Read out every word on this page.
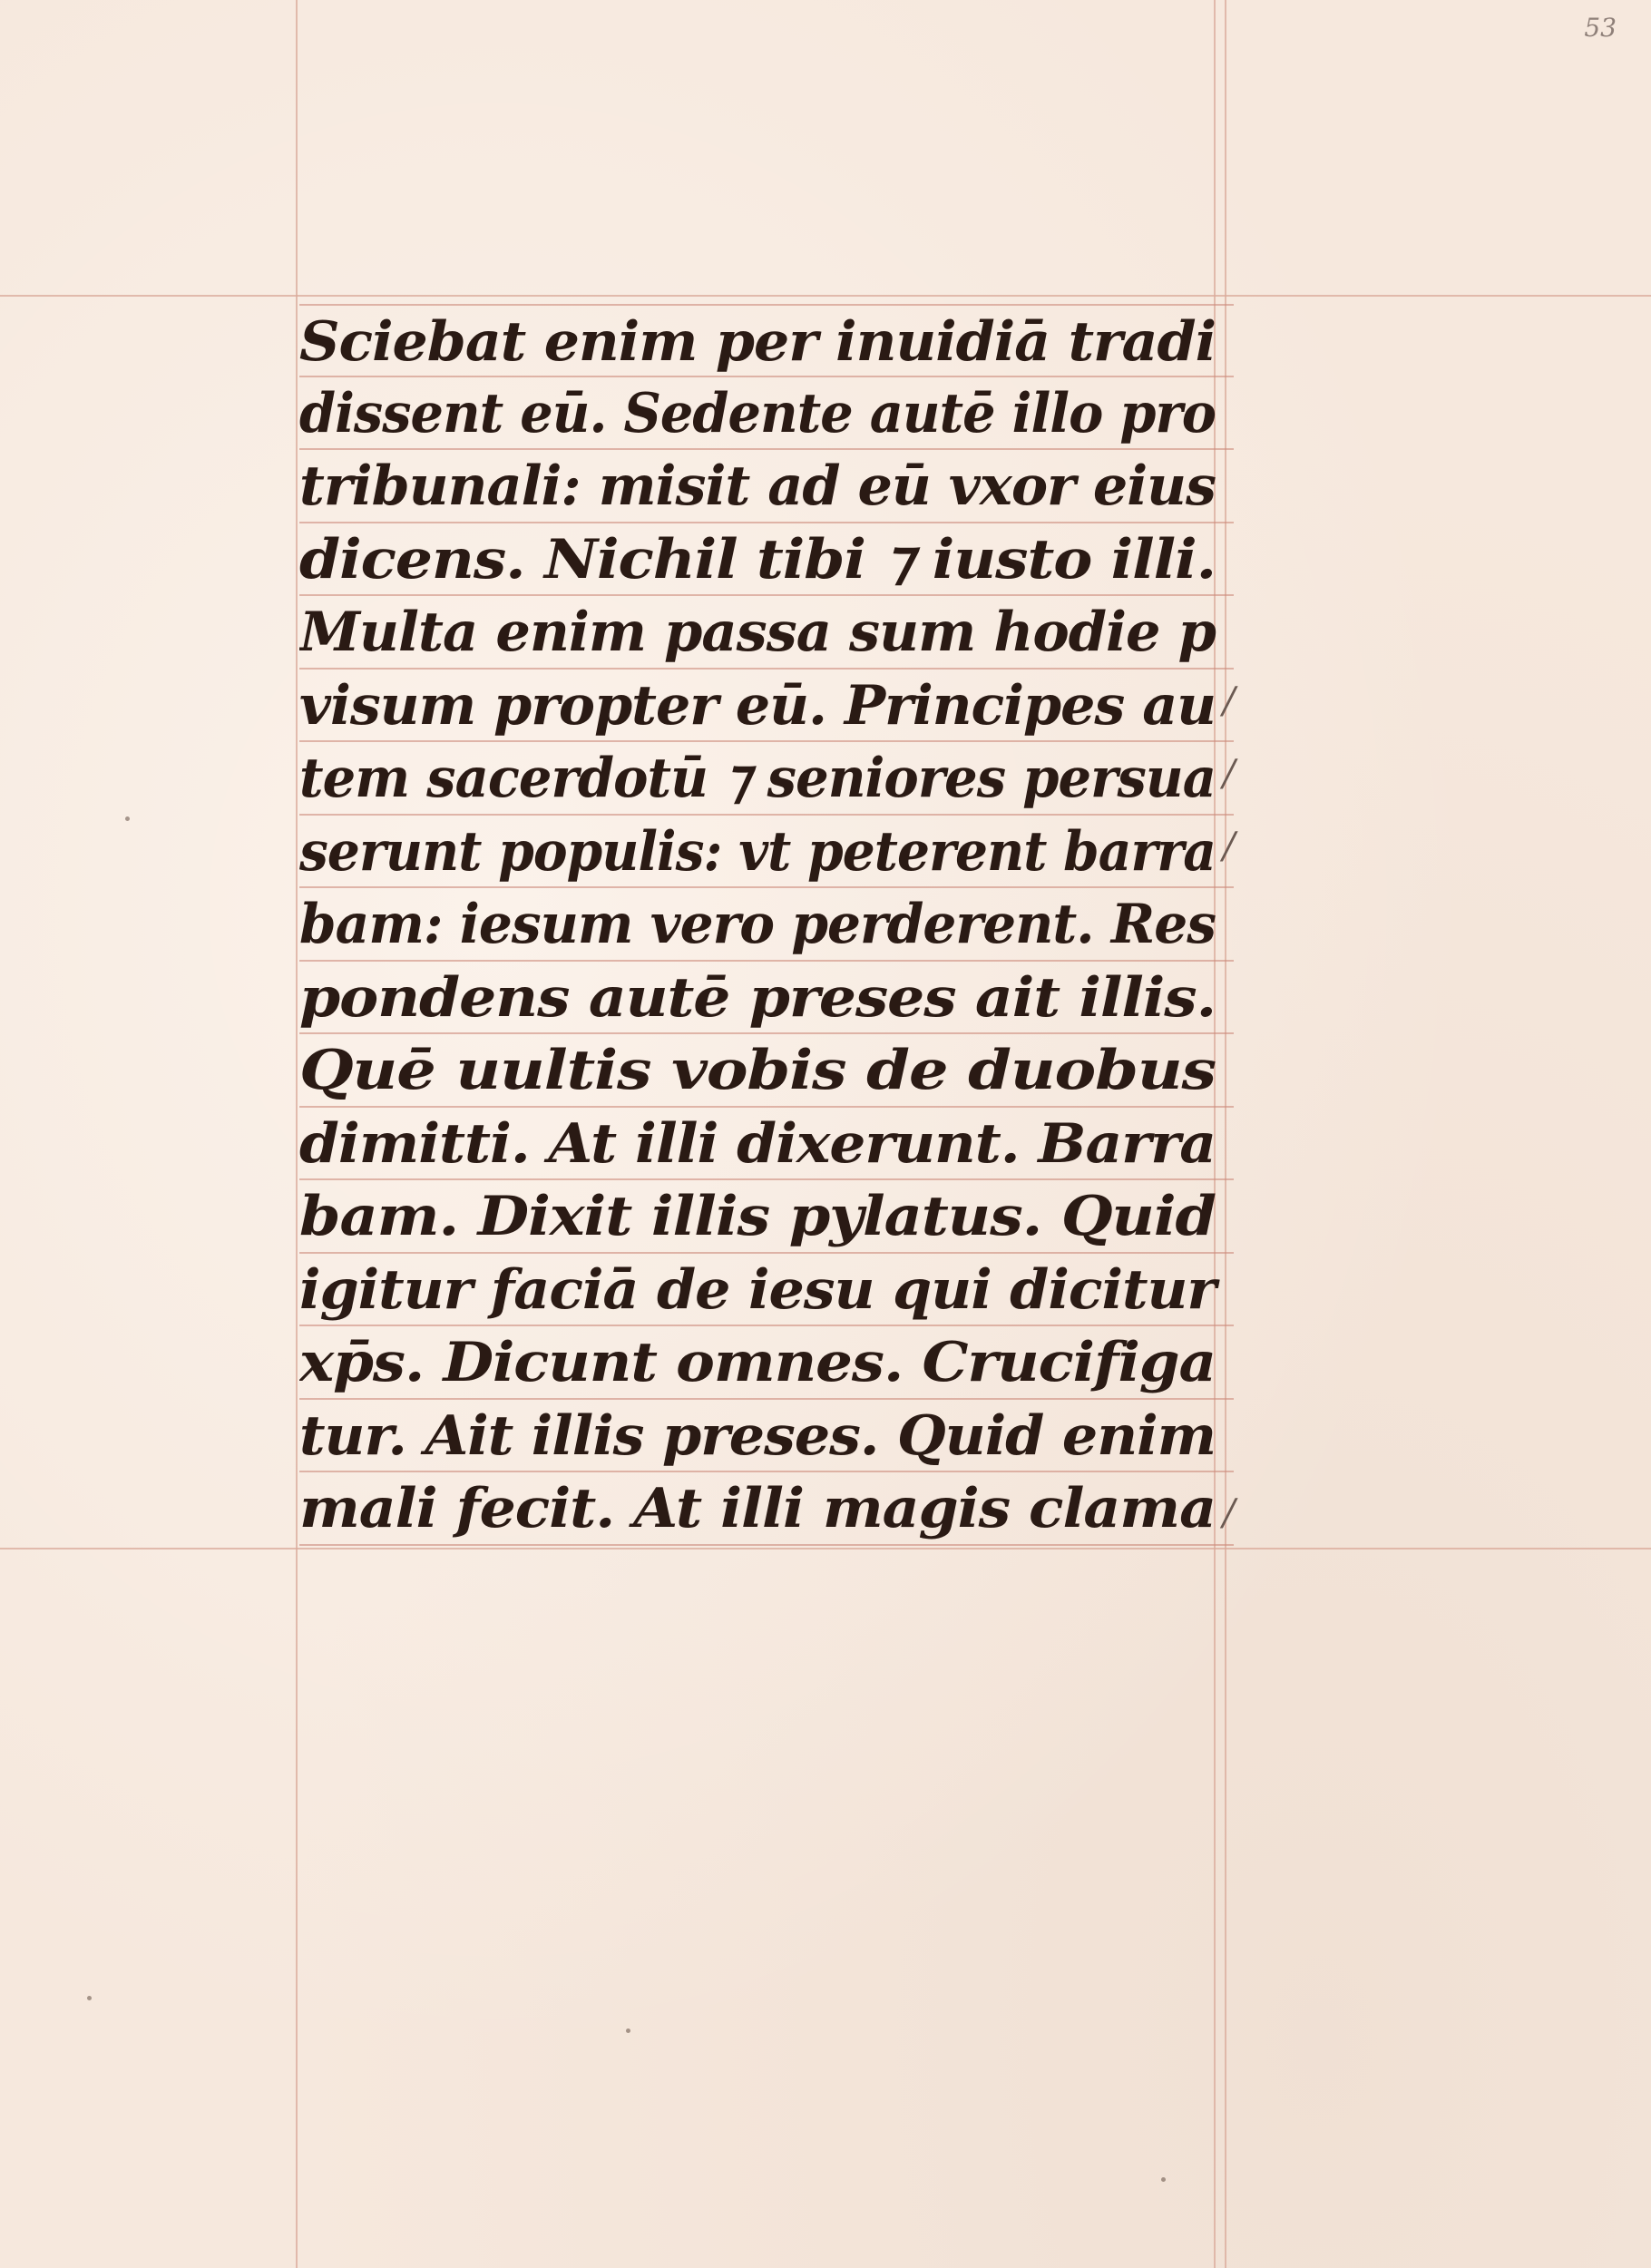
53
Sciebat enim per inuidiā tradi
dissent eū. Sedente autē illo pro
tribunali: misit ad eū vxor eius
dicens. Nichil tibi ⁊ iusto illi.
Multa enim passa sum hodie p
visum propter eū. Principes au
tem sacerdotū ⁊ seniores persua
serunt populis: vt peterent barra
bam: iesum vero perderent. Res
pondens autē preses ait illis.
Quē uultis vobis de duobus
dimitti. At illi dixerunt. Barra
bam. Dixit illis pylatus. Quid
igitur faciā de iesu qui dicitur
xp̄s. Dicunt omnes. Crucifiga
tur. Ait illis preses. Quid enim
mali fecit. At illi magis clama
/
/
/
/
